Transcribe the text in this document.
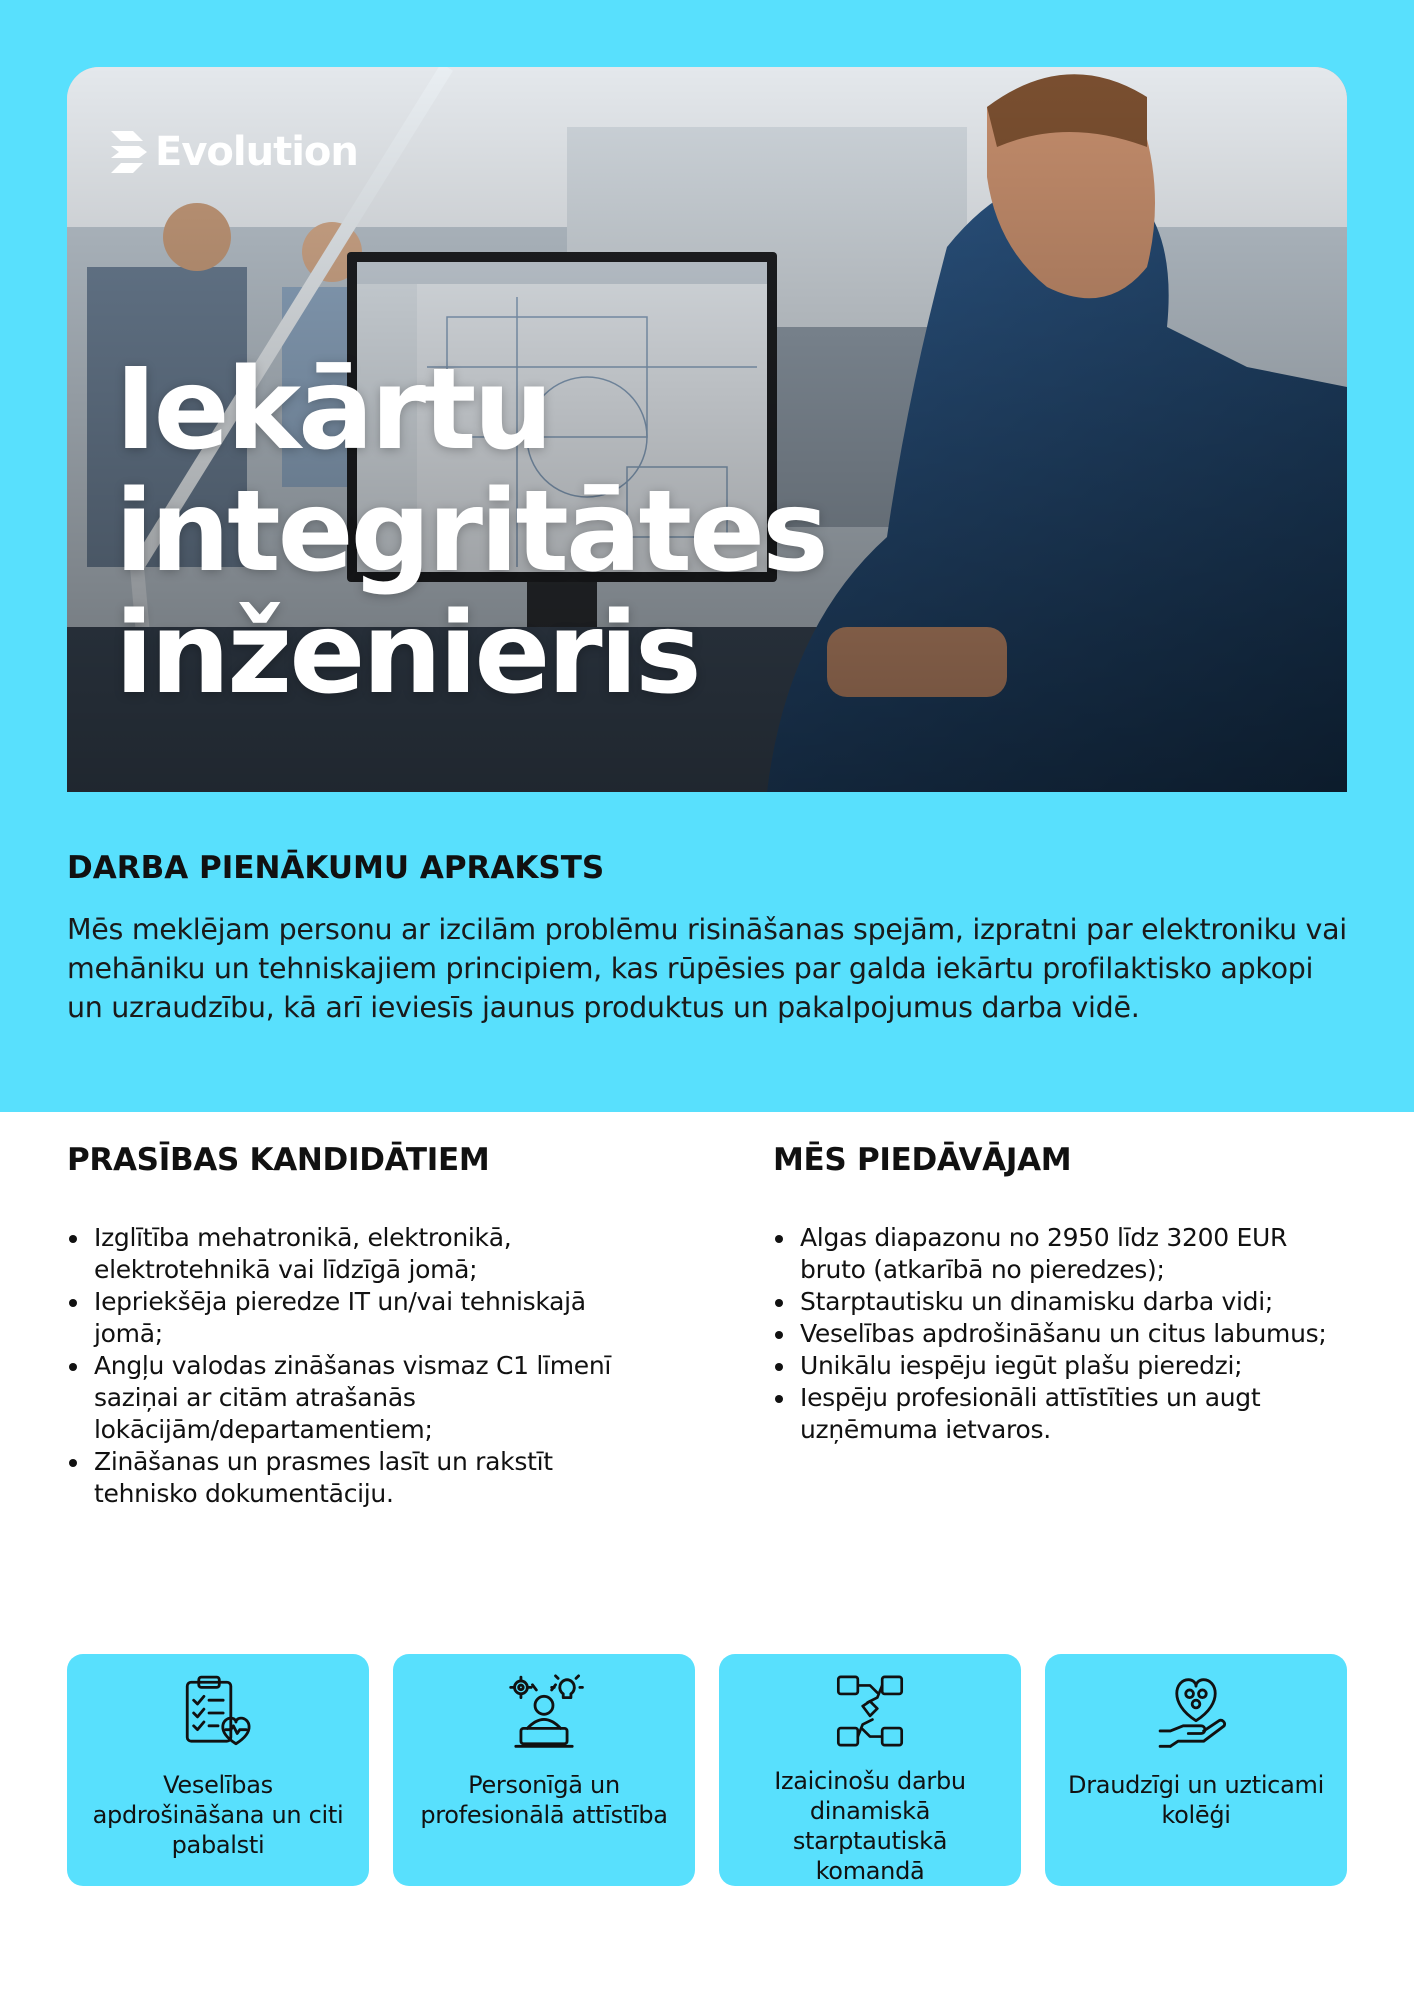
Evolution
Iekārtu
integritātes
inženieris
DARBA PIENĀKUMU APRAKSTS

Mēs meklējam personu ar izcilām problēmu risināšanas spejām, izpratni par elektroniku vai mehāniku un tehniskajiem principiem, kas rūpēsies par galda iekārtu profilaktisko apkopi un uzraudzību, kā arī ieviesīs jaunus produktus un pakalpojumus darba vidē.

PRASĪBAS KANDIDĀTIEM
Izglītība mehatronikā, elektronikā, elektrotehnikā vai līdzīgā jomā;
Iepriekšēja pieredze IT un/vai tehniskajā jomā;
Angļu valodas zināšanas vismaz C1 līmenī saziņai ar citām atrašanās lokācijām/departamentiem;
Zināšanas un prasmes lasīt un rakstīt tehnisko dokumentāciju.
MĒS PIEDĀVĀJAM
Algas diapazonu no 2950 līdz 3200 EUR bruto (atkarībā no pieredzes);
Starptautisku un dinamisku darba vidi;
Veselības apdrošināšanu un citus labumus;
Unikālu iespēju iegūt plašu pieredzi;
Iespēju profesionāli attīstīties un augt uzņēmuma ietvaros.
Veselības apdrošināšana un citi pabalsti
Personīgā un profesionālā attīstība
Izaicinošu darbu dinamiskā starptautiskā komandā
Draudzīgi un uzticami kolēģi
